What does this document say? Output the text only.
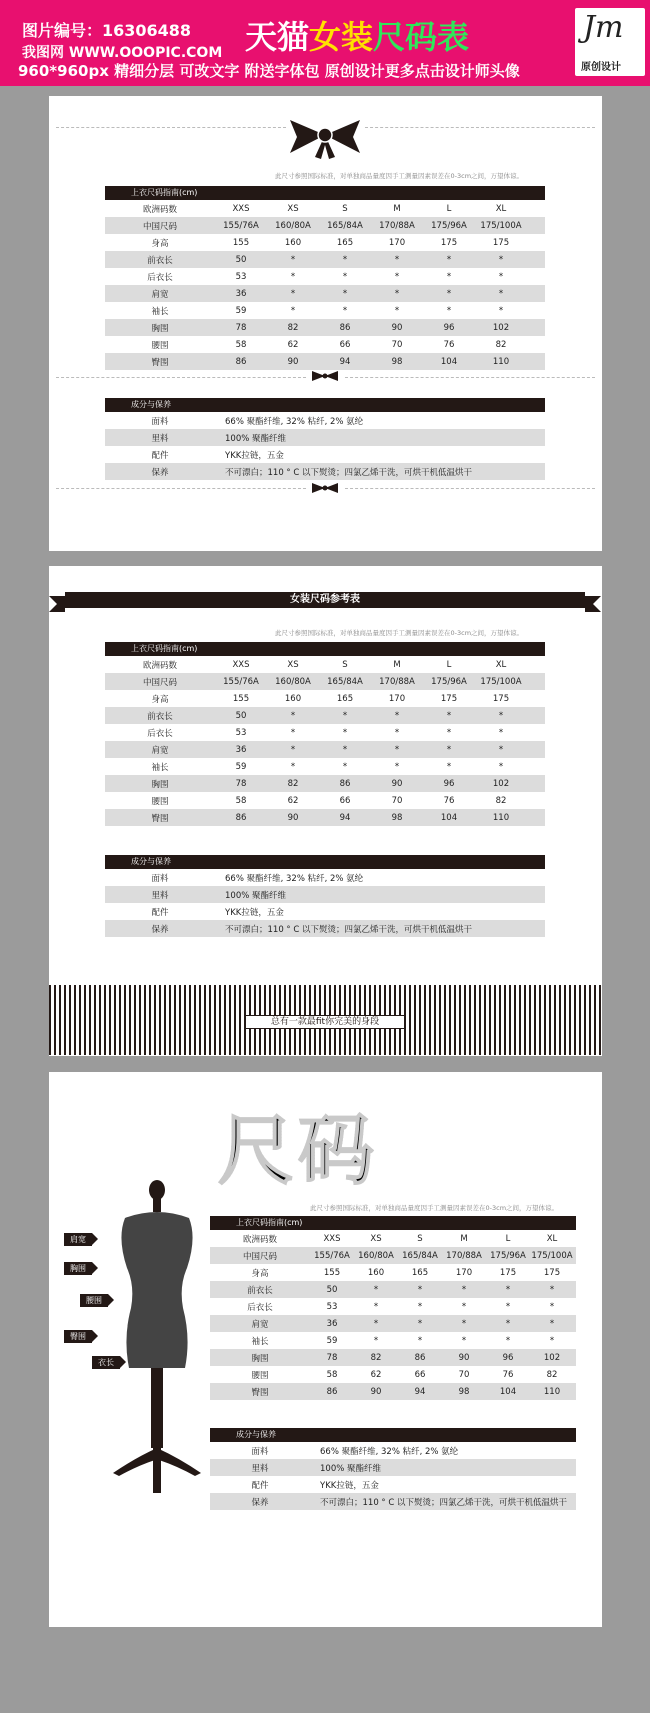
图片编号：16306488
我图网 WWW.OOOPIC.COM
960*960px 精细分层 可改文字 附送字体包 原创设计更多点击设计师头像
天猫女装尺码表	Jm
原创设计
此尺寸参照国际标准，对单独商品量度因手工测量因素误差在0-3cm之间，万望体谅。
上衣尺码指南(cm)
欧洲码数	XXS	XS	S	M	L	XL
中国尺码	155/76A	160/80A	165/84A	170/88A	175/96A	175/100A
身高	155	160	165	170	175	175
前衣长	50	*	*	*	*	*
后衣长	53	*	*	*	*	*
肩宽	36	*	*	*	*	*
袖长	59	*	*	*	*	*
胸围	78	82	86	90	96	102
腰围	58	62	66	70	76	82
臀围	86	90	94	98	104	110
成分与保养
面料	66% 聚酯纤维, 32% 粘纤, 2% 氨纶
里料	100% 聚酯纤维
配件	YKK拉链，五金
保养	不可漂白；110 ° C 以下熨烫；四氯乙烯干洗，可烘干机低温烘干
女装尺码参考表
此尺寸参照国际标准，对单独商品量度因手工测量因素误差在0-3cm之间，万望体谅。
上衣尺码指南(cm)
欧洲码数	XXS	XS	S	M	L	XL
中国尺码	155/76A	160/80A	165/84A	170/88A	175/96A	175/100A
身高	155	160	165	170	175	175
前衣长	50	*	*	*	*	*
后衣长	53	*	*	*	*	*
肩宽	36	*	*	*	*	*
袖长	59	*	*	*	*	*
胸围	78	82	86	90	96	102
腰围	58	62	66	70	76	82
臀围	86	90	94	98	104	110
成分与保养
面料	66% 聚酯纤维, 32% 粘纤, 2% 氨纶
里料	100% 聚酯纤维
配件	YKK拉链，五金
保养	不可漂白；110 ° C 以下熨烫；四氯乙烯干洗，可烘干机低温烘干
总有一款最fit你完美的身段
尺码
肩宽
胸围
腰围
臀围
衣长
此尺寸参照国际标准，对单独商品量度因手工测量因素误差在0-3cm之间，万望体谅。
上衣尺码指南(cm)
欧洲码数	XXS	XS	S	M	L	XL
中国尺码	155/76A 160/80A 165/84A 170/88A 175/96A 175/100A
身高	155	160	165	170	175	175
前衣长	50	*	*	*	*	*
后衣长	53	*	*	*	*	*
肩宽	36	*	*	*	*	*
袖长	59	*	*	*	*	*
胸围	78	82	86	90	96	102
腰围	58	62	66	70	76	82
臀围	86	90	94	98	104	110
成分与保养
面料	66% 聚酯纤维, 32% 粘纤, 2% 氨纶
里料	100% 聚酯纤维
配件	YKK拉链，五金
保养	不可漂白；110 ° C 以下熨烫；四氯乙烯干洗，可烘干机低温烘干
